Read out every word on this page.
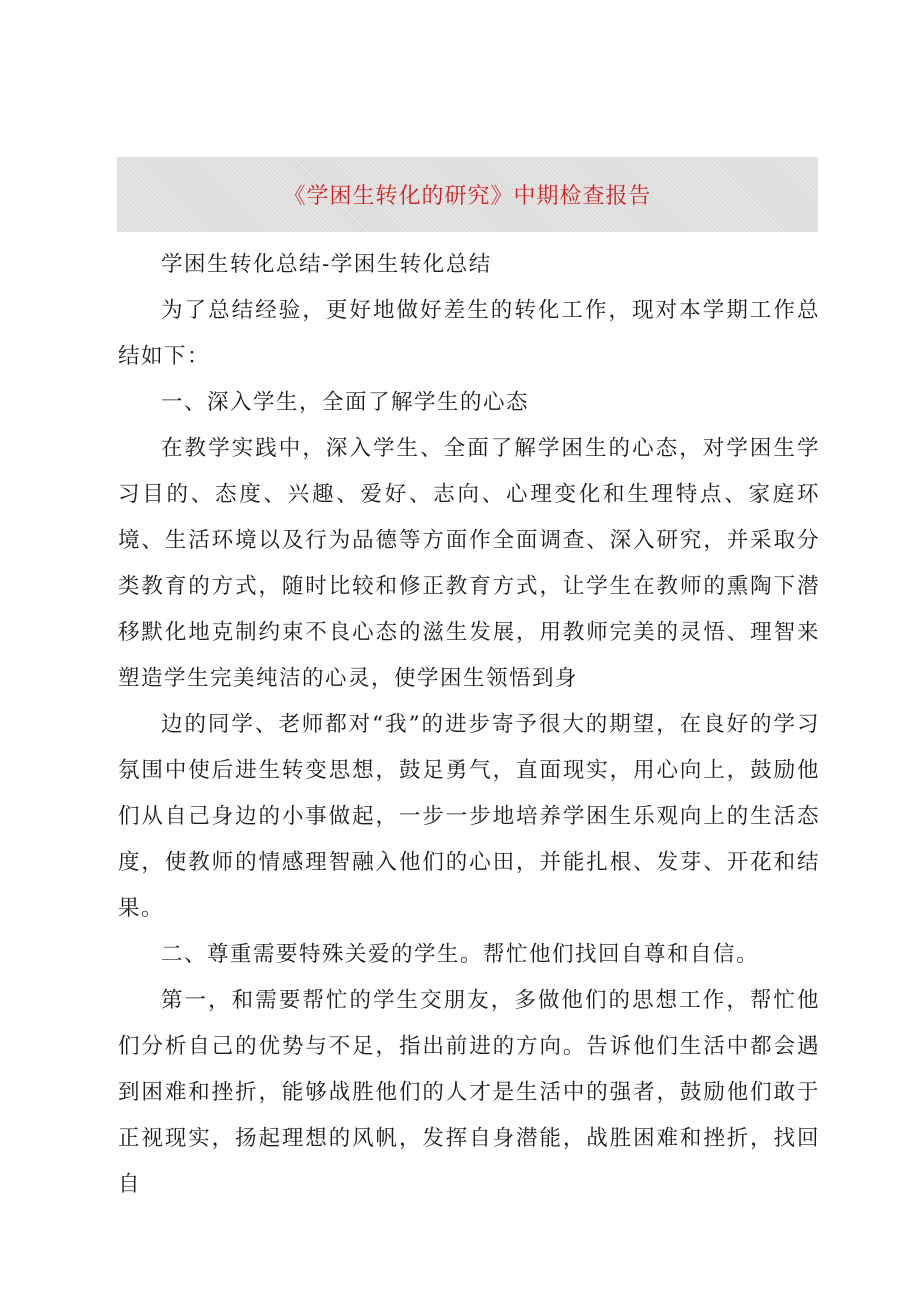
《学困生转化的研究》中期检查报告

学困生转化总结-学困生转化总结

为了总结经验，更好地做好差生的转化工作，现对本学期工作总结如下：

一、深入学生，全面了解学生的心态

在教学实践中，深入学生、全面了解学困生的心态，对学困生学习目的、态度、兴趣、爱好、志向、心理变化和生理特点、家庭环境、生活环境以及行为品德等方面作全面调查、深入研究，并采取分类教育的方式，随时比较和修正教育方式，让学生在教师的熏陶下潜移默化地克制约束不良心态的滋生发展，用教师完美的灵悟、理智来塑造学生完美纯洁的心灵，使学困生领悟到身

边的同学、老师都对“我”的进步寄予很大的期望，在良好的学习氛围中使后进生转变思想，鼓足勇气，直面现实，用心向上，鼓励他们从自己身边的小事做起，一步一步地培养学困生乐观向上的生活态度，使教师的情感理智融入他们的心田，并能扎根、发芽、开花和结果。

二、尊重需要特殊关爱的学生。帮忙他们找回自尊和自信。

第一，和需要帮忙的学生交朋友，多做他们的思想工作，帮忙他们分析自己的优势与不足，指出前进的方向。告诉他们生活中都会遇到困难和挫折，能够战胜他们的人才是生活中的强者，鼓励他们敢于正视现实，扬起理想的风帆，发挥自身潜能，战胜困难和挫折，找回自
